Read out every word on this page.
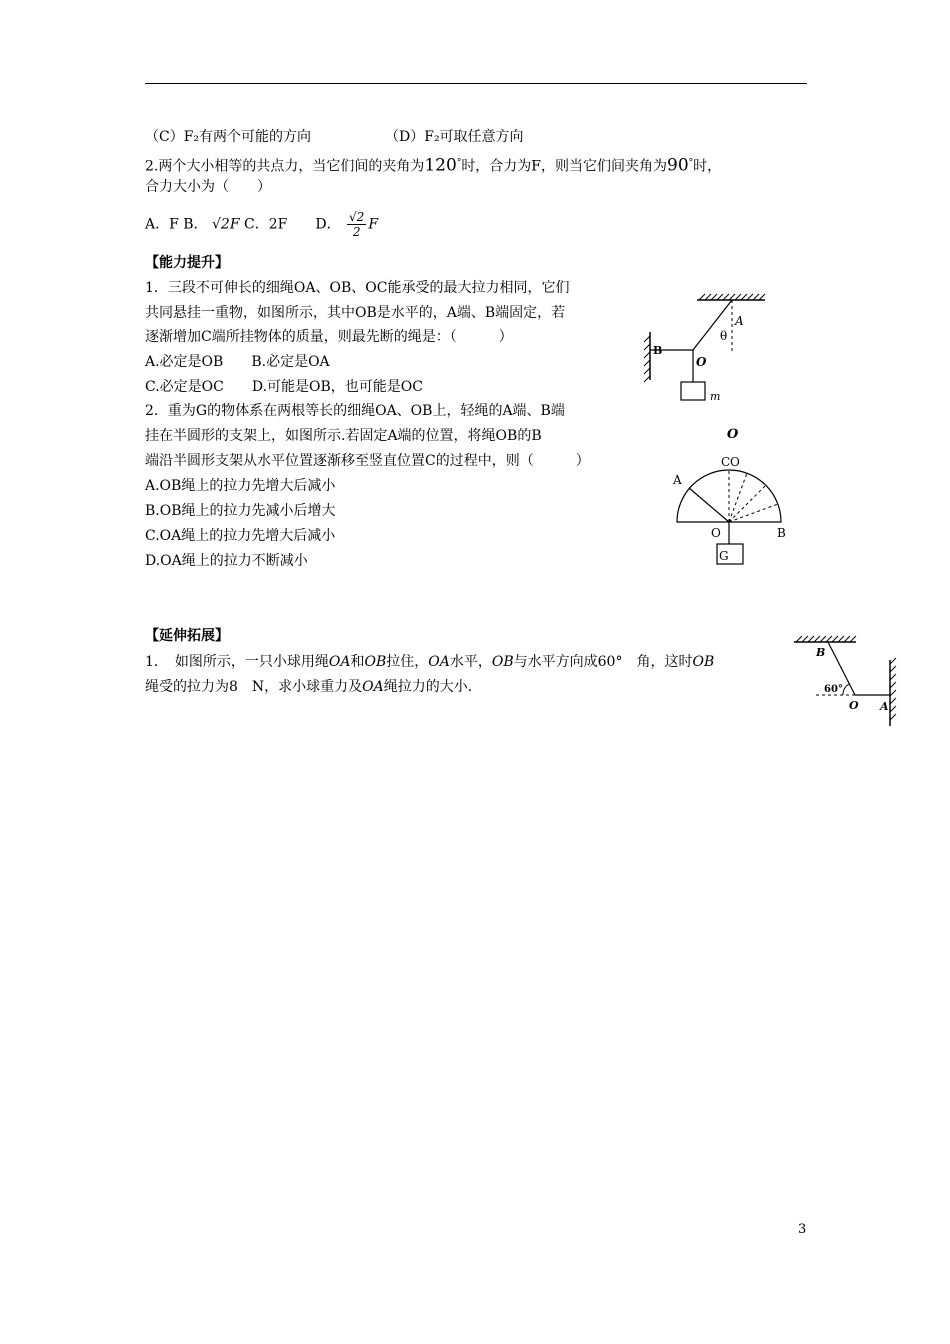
（C）F₂有两个可能的方向	（D）F₂可取任意方向
2.两个大小相等的共点力，当它们间的夹角为120°时，合力为F，则当它们间夹角为90°时，
合力大小为（　　）
A．F B． √2F C．2F　　D． $\frac{√2}{2}$ F
【能力提升】
1．三段不可伸长的细绳OA、OB、OC能承受的最大拉力相同，它们
共同悬挂一重物，如图所示，其中OB是水平的，A端、B端固定，若
逐渐增加C端所挂物体的质量，则最先断的绳是：（　　　）
A.必定是OB　　B.必定是OA
C.必定是OC　　D.可能是OB，也可能是OC
2．重为G的物体系在两根等长的细绳OA、OB上，轻绳的A端、B端
挂在半圆形的支架上，如图所示.若固定A端的位置，将绳OB的B
端沿半圆形支架从水平位置逐渐移至竖直位置C的过程中，则（　　　）
A.OB绳上的拉力先增大后减小
B.OB绳上的拉力先减小后增大
C.OA绳上的拉力先增大后减小
D.OA绳上的拉力不断减小
A
θ
B
O
m
O
C O
A
O	B
G
【延伸拓展】
1．　如图所示，一只小球用绳OA和OB拉住，OA水平，OB与水平方向成60°　角，这时OB
绳受的拉力为8　N，求小球重力及OA绳拉力的大小.
B
60°
O A
3
